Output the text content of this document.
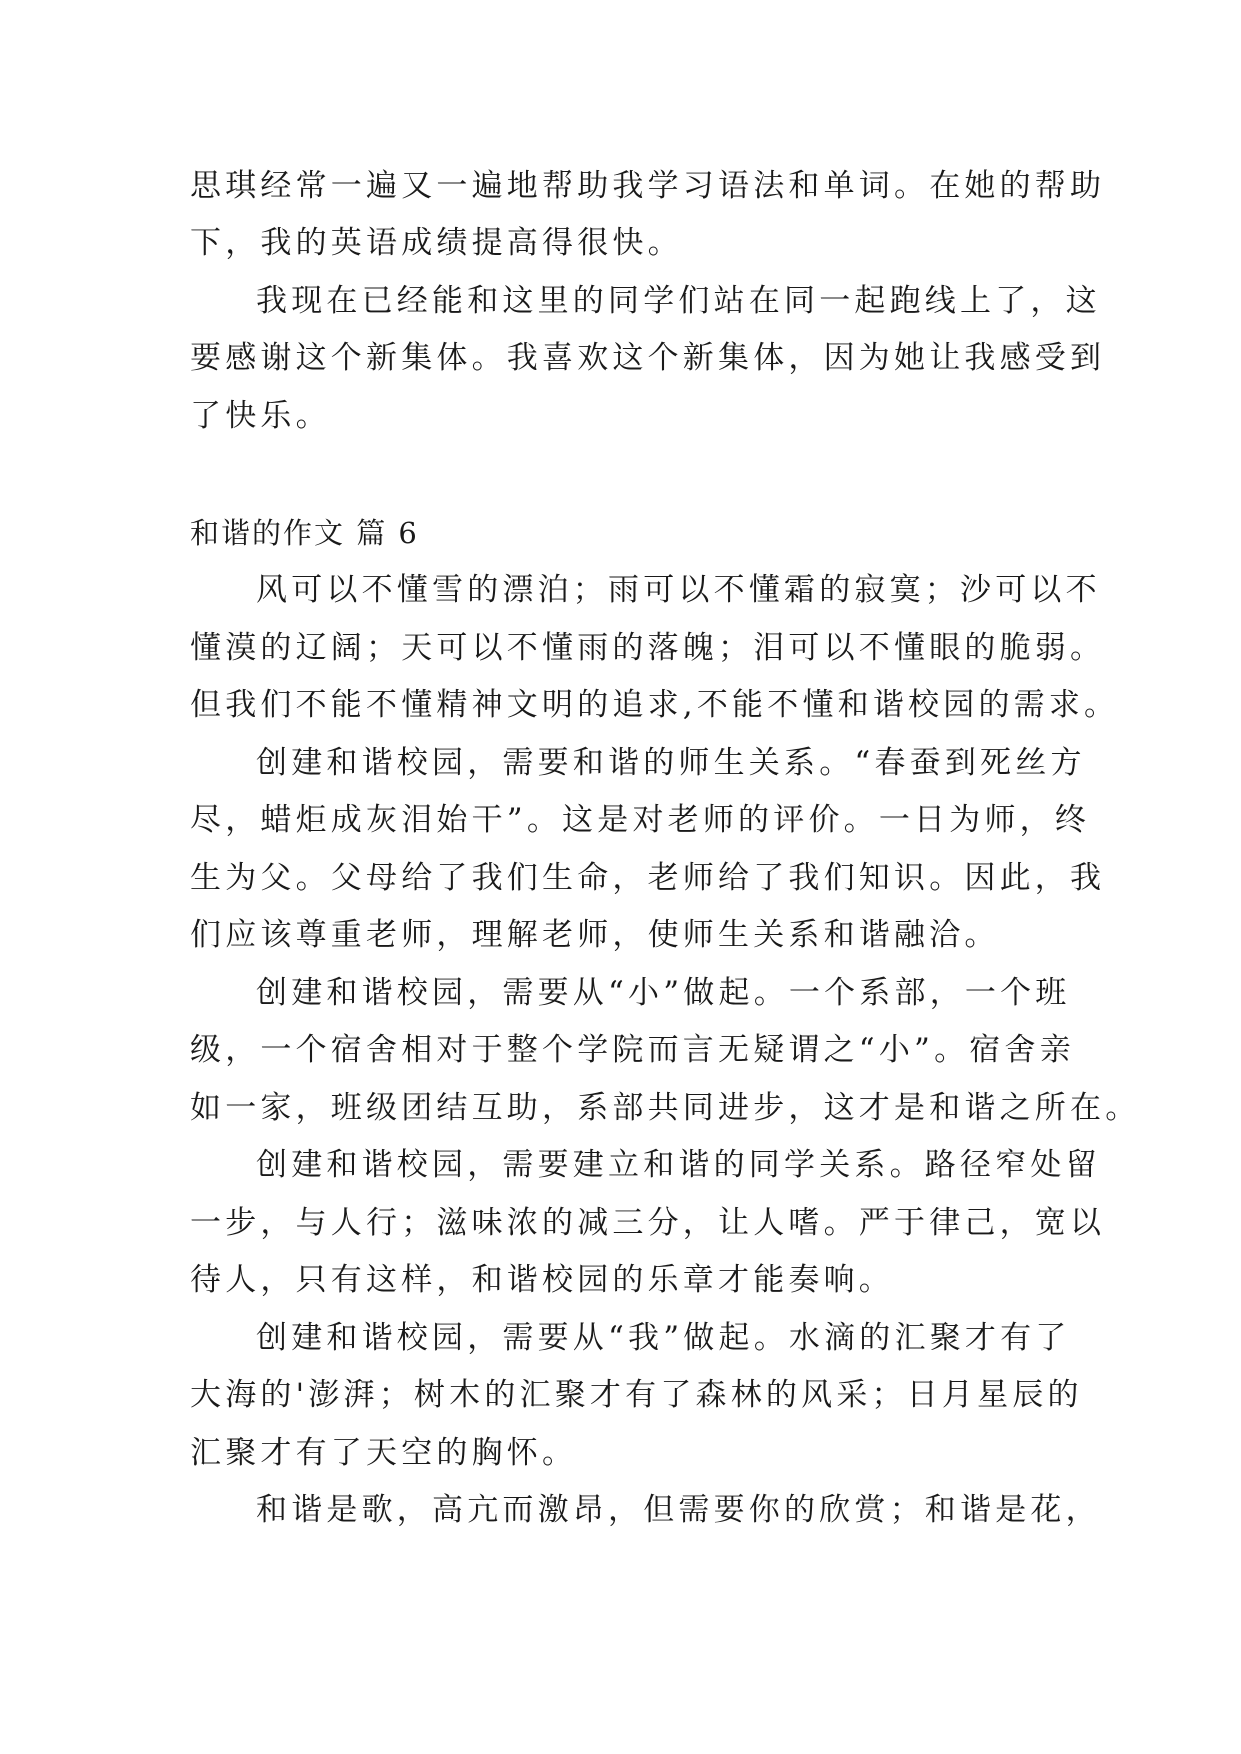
思琪经常一遍又一遍地帮助我学习语法和单词。在她的帮助
下，我的英语成绩提高得很快。
我现在已经能和这里的同学们站在同一起跑线上了，这
要感谢这个新集体。我喜欢这个新集体，因为她让我感受到
了快乐。
和谐的作文 篇 6
风可以不懂雪的漂泊；雨可以不懂霜的寂寞；沙可以不
懂漠的辽阔；天可以不懂雨的落魄；泪可以不懂眼的脆弱。
但我们不能不懂精神文明的追求,不能不懂和谐校园的需求。
创建和谐校园，需要和谐的师生关系。“春蚕到死丝方
尽，蜡炬成灰泪始干”。这是对老师的评价。一日为师，终
生为父。父母给了我们生命，老师给了我们知识。因此，我
们应该尊重老师，理解老师，使师生关系和谐融洽。
创建和谐校园，需要从“小”做起。一个系部，一个班
级，一个宿舍相对于整个学院而言无疑谓之“小”。宿舍亲
如一家，班级团结互助，系部共同进步，这才是和谐之所在。
创建和谐校园，需要建立和谐的同学关系。路径窄处留
一步，与人行；滋味浓的减三分，让人嗜。严于律己，宽以
待人，只有这样，和谐校园的乐章才能奏响。
创建和谐校园，需要从“我”做起。水滴的汇聚才有了
大海的'澎湃；树木的汇聚才有了森林的风采；日月星辰的
汇聚才有了天空的胸怀。
和谐是歌，高亢而激昂，但需要你的欣赏；和谐是花，
